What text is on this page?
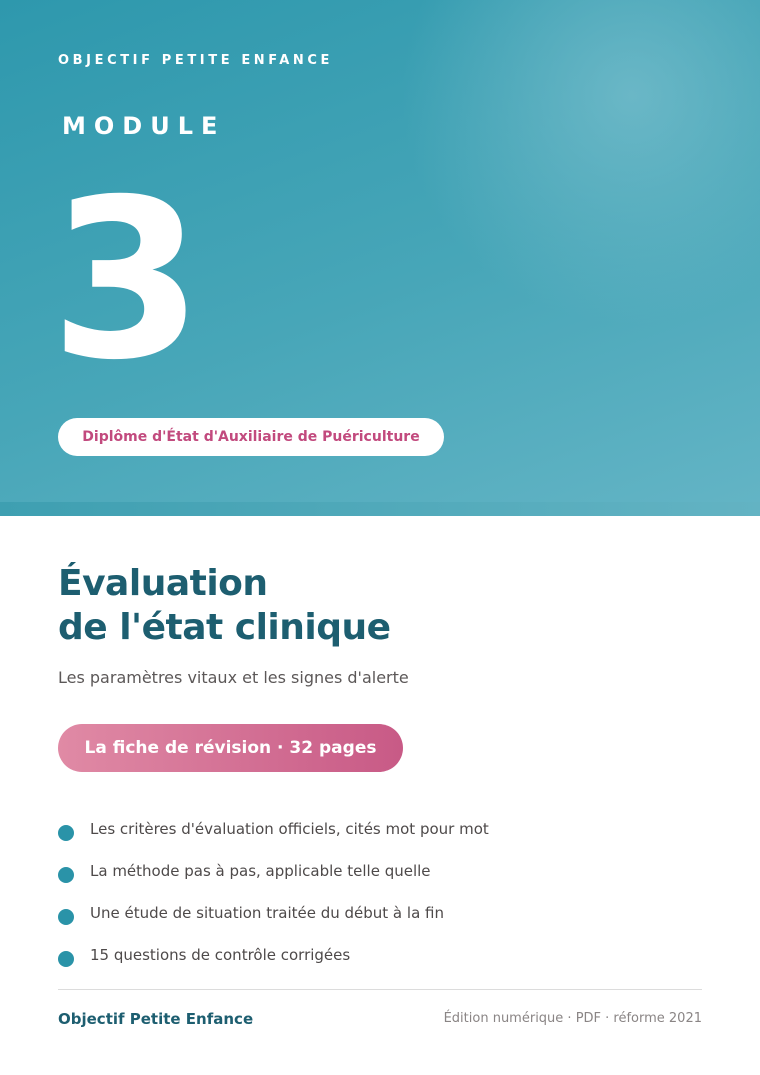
OBJECTIF PETITE ENFANCE
MODULE
3
Diplôme d'État d'Auxiliaire de Puériculture
Évaluation
de l'état clinique

Les paramètres vitaux et les signes d'alerte

La fiche de révision · 32 pages
Les critères d'évaluation officiels, cités mot pour mot
La méthode pas à pas, applicable telle quelle
Une étude de situation traitée du début à la fin
15 questions de contrôle corrigées
Objectif Petite Enfance	Édition numérique · PDF · réforme 2021
